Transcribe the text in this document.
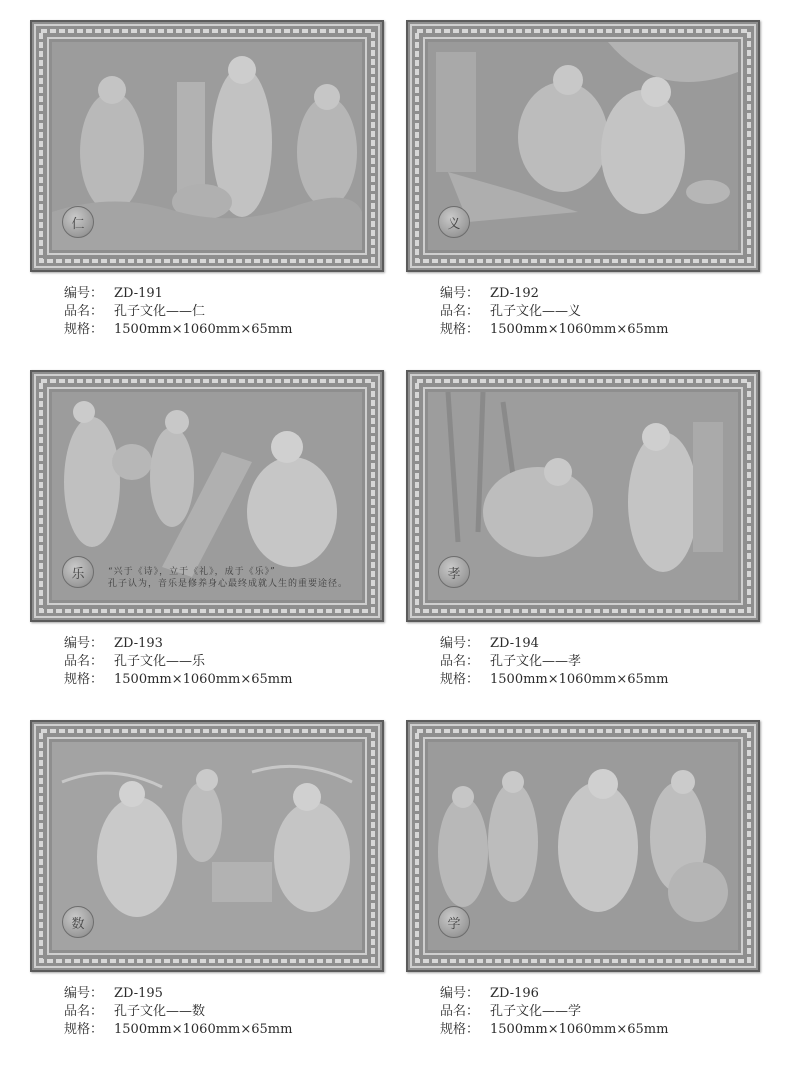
仁
编号： ZD-191
品名： 孔子文化——仁
规格： 1500mm×1060mm×65mm
义
编号： ZD-192
品名： 孔子文化——义
规格： 1500mm×1060mm×65mm
乐	“兴于《诗》，立于《礼》，成于《乐》”
孔子认为，音乐是修养身心最终成就人生的重要途径。
编号： ZD-193
品名： 孔子文化——乐
规格： 1500mm×1060mm×65mm
孝
编号： ZD-194
品名： 孔子文化——孝
规格： 1500mm×1060mm×65mm
数
编号： ZD-195
品名： 孔子文化——数
规格： 1500mm×1060mm×65mm
学
编号： ZD-196
品名： 孔子文化——学
规格： 1500mm×1060mm×65mm
